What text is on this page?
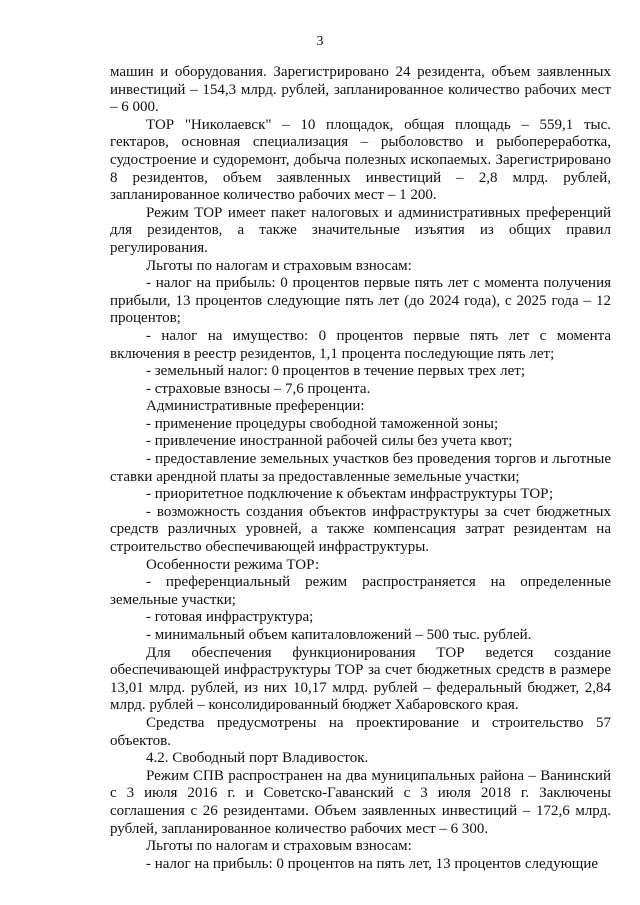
3

машин и оборудования. Зарегистрировано 24 резидента, объем заявленных инвестиций – 154,3 млрд. рублей, запланированное количество рабочих мест – 6 000.

ТОР "Николаевск" – 10 площадок, общая площадь – 559,1 тыс. гектаров, основная специализация – рыболовство и рыбопереработка, судостроение и судоремонт, добыча полезных ископаемых. Зарегистрировано 8 резидентов, объем заявленных инвестиций – 2,8 млрд. рублей, запланированное количество рабочих мест – 1 200.

Режим ТОР имеет пакет налоговых и административных преференций для резидентов, а также значительные изъятия из общих правил регулирования.

Льготы по налогам и страховым взносам:

- налог на прибыль: 0 процентов первые пять лет с момента получения прибыли, 13 процентов следующие пять лет (до 2024 года), с 2025 года – 12 процентов;

- налог на имущество: 0 процентов первые пять лет с момента включения в реестр резидентов, 1,1 процента последующие пять лет;

- земельный налог: 0 процентов в течение первых трех лет;

- страховые взносы – 7,6 процента.

Административные преференции:

- применение процедуры свободной таможенной зоны;

- привлечение иностранной рабочей силы без учета квот;

- предоставление земельных участков без проведения торгов и льготные ставки арендной платы за предоставленные земельные участки;

- приоритетное подключение к объектам инфраструктуры ТОР;

- возможность создания объектов инфраструктуры за счет бюджетных средств различных уровней, а также компенсация затрат резидентам на строительство обеспечивающей инфраструктуры.

Особенности режима ТОР:

- преференциальный режим распространяется на определенные земельные участки;

- готовая инфраструктура;

- минимальный объем капиталовложений – 500 тыс. рублей.

Для обеспечения функционирования ТОР ведется создание обеспечивающей инфраструктуры ТОР за счет бюджетных средств в размере 13,01 млрд. рублей, из них 10,17 млрд. рублей – федеральный бюджет, 2,84 млрд. рублей – консолидированный бюджет Хабаровского края.

Средства предусмотрены на проектирование и строительство 57 объектов.

4.2. Свободный порт Владивосток.

Режим СПВ распространен на два муниципальных района – Ванинский с 3 июля 2016 г. и Советско-Гаванский с 3 июля 2018 г. Заключены соглашения с 26 резидентами. Объем заявленных инвестиций – 172,6 млрд. рублей, запланированное количество рабочих мест – 6 300.

Льготы по налогам и страховым взносам:

- налог на прибыль: 0 процентов на пять лет, 13 процентов следующие
